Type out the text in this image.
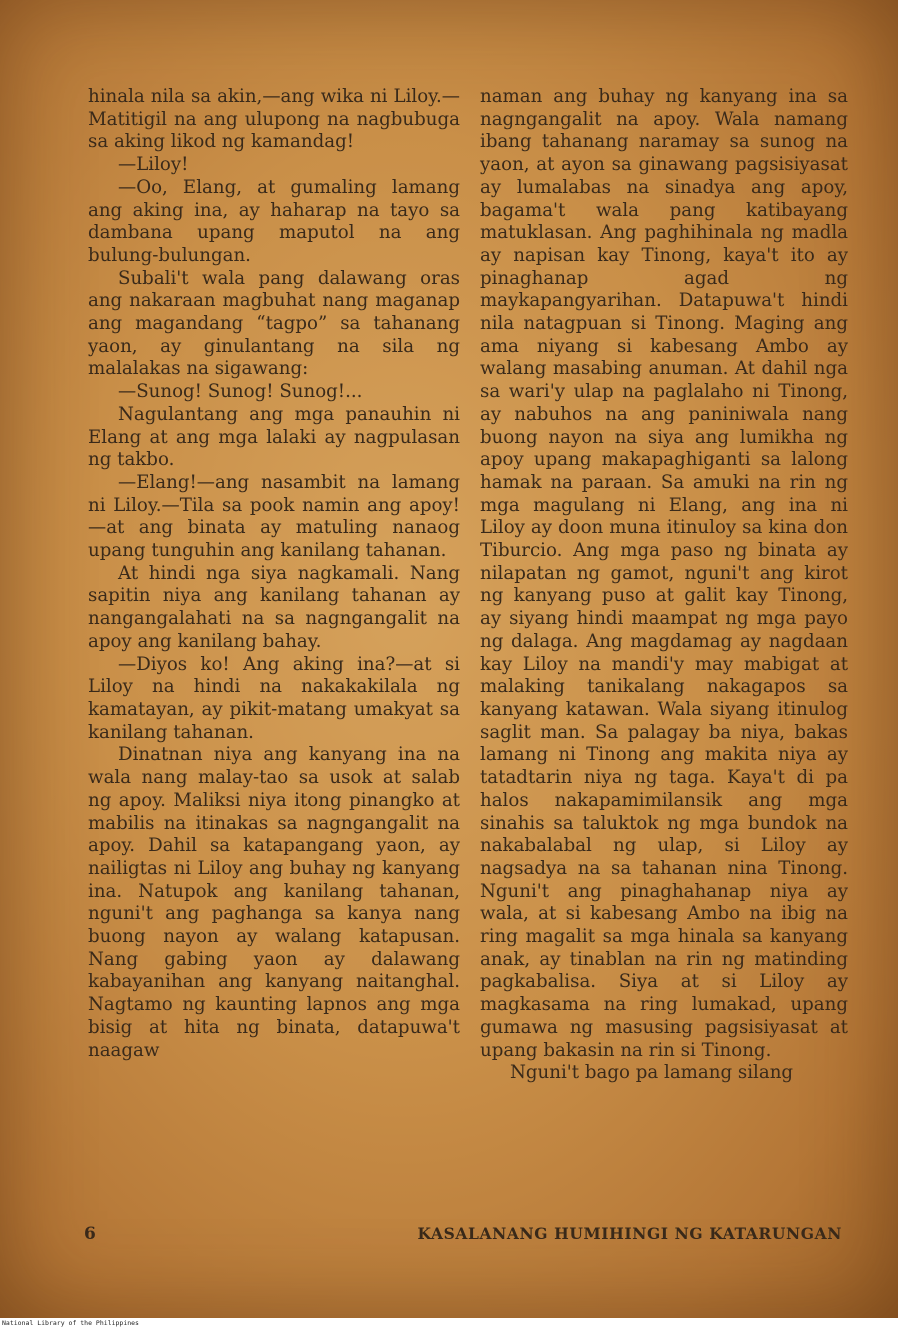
hinala nila sa akin,—ang wika ni Liloy.—Matitigil na ang ulupong na nagbubuga sa aking likod ng kamandag!

—Liloy!

—Oo, Elang, at gumaling lamang ang aking ina, ay haharap na tayo sa dambana upang maputol na ang bulung-bulungan.

Subali't wala pang dalawang oras ang nakaraan magbuhat nang maganap ang magandang “tagpo” sa tahanang yaon, ay ginulantang na sila ng malalakas na sigawang:

—Sunog! Sunog! Sunog!...

Nagulantang ang mga panauhin ni Elang at ang mga lalaki ay nagpulasan ng takbo.

—Elang!—ang nasambit na lamang ni Liloy.—Tila sa pook namin ang apoy!—at ang binata ay matuling nanaog upang tunguhin ang kanilang tahanan.

At hindi nga siya nagkamali. Nang sapitin niya ang kanilang tahanan ay nangangalahati na sa nagngangalit na apoy ang kanilang bahay.

—Diyos ko! Ang aking ina?—at si Liloy na hindi na nakakakilala ng kamatayan, ay pikit-matang umakyat sa kanilang tahanan.

Dinatnan niya ang kanyang ina na wala nang malay-tao sa usok at salab ng apoy. Maliksi niya itong pinangko at mabilis na itinakas sa nagngangalit na apoy. Dahil sa katapangang yaon, ay nailigtas ni Liloy ang buhay ng kanyang ina. Natupok ang kanilang tahanan, nguni't ang paghanga sa kanya nang buong nayon ay walang katapusan. Nang gabing yaon ay dalawang kabayanihan ang kanyang naitanghal. Nagtamo ng kaunting lapnos ang mga bisig at hita ng binata, datapuwa't naagaw

naman ang buhay ng kanyang ina sa nagngangalit na apoy. Wala namang ibang tahanang naramay sa sunog na yaon, at ayon sa ginawang pagsisiyasat ay lumalabas na sinadya ang apoy, bagama't wala pang katibayang matuklasan. Ang paghihinala ng madla ay napisan kay Tinong, kaya't ito ay pinaghanap agad ng maykapangyarihan. Datapuwa't hindi nila natagpuan si Tinong. Maging ang ama niyang si kabesang Ambo ay walang masabing anuman. At dahil nga sa wari'y ulap na paglalaho ni Tinong, ay nabuhos na ang paniniwala nang buong nayon na siya ang lumikha ng apoy upang makapaghiganti sa lalong hamak na paraan. Sa amuki na rin ng mga magulang ni Elang, ang ina ni Liloy ay doon muna itinuloy sa kina don Tiburcio. Ang mga paso ng binata ay nilapatan ng gamot, nguni't ang kirot ng kanyang puso at galit kay Tinong, ay siyang hindi maampat ng mga payo ng dalaga. Ang magdamag ay nagdaan kay Liloy na mandi'y may mabigat at malaking tanikalang nakagapos sa kanyang katawan. Wala siyang itinulog saglit man. Sa palagay ba niya, bakas lamang ni Tinong ang makita niya ay tatadtarin niya ng taga. Kaya't di pa halos nakapamimilansik ang mga sinahis sa taluktok ng mga bundok na nakabalabal ng ulap, si Liloy ay nagsadya na sa tahanan nina Tinong. Nguni't ang pinaghahanap niya ay wala, at si kabesang Ambo na ibig na ring magalit sa mga hinala sa kanyang anak, ay tinablan na rin ng matinding pagkabalisa. Siya at si Liloy ay magkasama na ring lumakad, upang gumawa ng masusing pagsisiyasat at upang bakasin na rin si Tinong.

Nguni't bago pa lamang silang

6	KASALANANG HUMIHINGI NG KATARUNGAN
National Library of the Philippines
